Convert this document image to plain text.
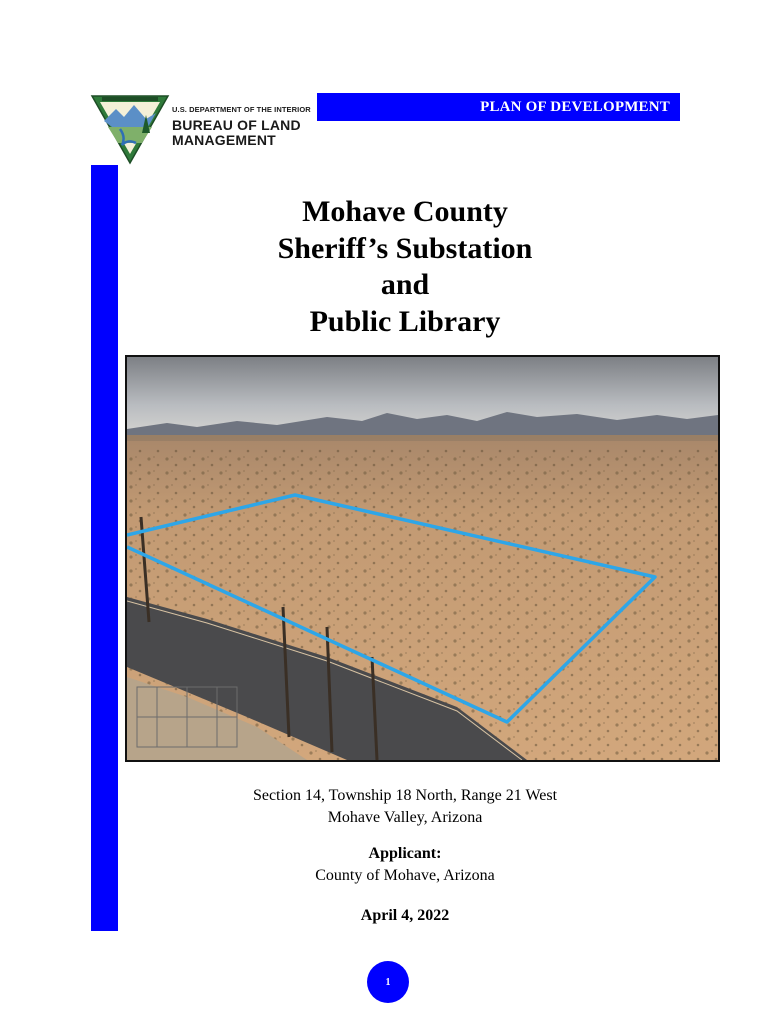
U.S. DEPARTMENT OF THE INTERIOR
BUREAU OF LAND
MANAGEMENT
PLAN OF DEVELOPMENT
Mohave County
Sheriff’s Substation
and
Public Library
Section 14, Township 18 North, Range 21 West
Mohave Valley, Arizona
Applicant:
County of Mohave, Arizona
April 4, 2022
1
